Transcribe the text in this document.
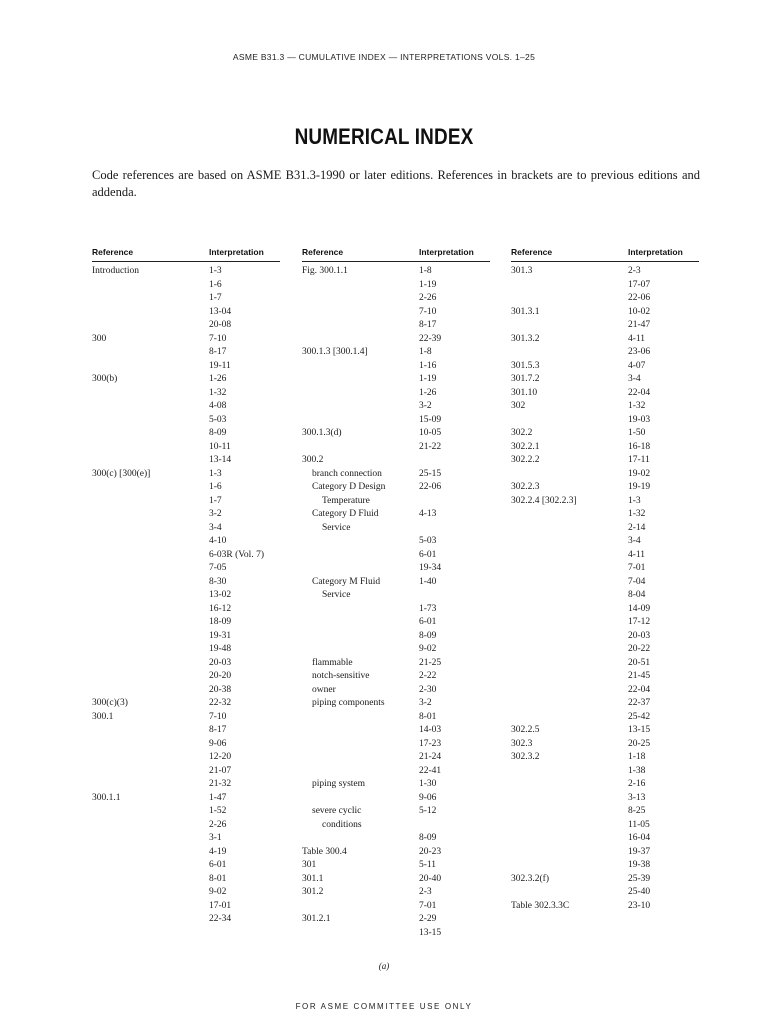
ASME B31.3 — CUMULATIVE INDEX — INTERPRETATIONS VOLS. 1–25
NUMERICAL INDEX
Code references are based on ASME B31.3-1990 or later editions. References in brackets are to previous editions and addenda.
Reference	Interpretation
Introduction	1-3
1-6
1-7
13-04
20-08
300	7-10
8-17
19-11
300(b)	1-26
1-32
4-08
5-03
8-09
10-11
13-14
300(c) [300(e)]	1-3
1-6
1-7
3-2
3-4
4-10
6-03R (Vol. 7)
7-05
8-30
13-02
16-12
18-09
19-31
19-48
20-03
20-20
20-38
300(c)(3)	22-32
300.1	7-10
8-17
9-06
12-20
21-07
21-32
300.1.1	1-47
1-52
2-26
3-1
4-19
6-01
8-01
9-02
17-01
22-34
Reference	Interpretation
Fig. 300.1.1	1-8
1-19
2-26
7-10
8-17
22-39
300.1.3 [300.1.4]	1-8
1-16
1-19
1-26
3-2
15-09
300.1.3(d)	10-05
21-22
300.2
branch connection	25-15
Category D Design	22-06
Temperature
Category D Fluid	4-13
Service
5-03
6-01
19-34
Category M Fluid	1-40
Service
1-73
6-01
8-09
9-02
flammable	21-25
notch-sensitive	2-22
owner	2-30
piping components	3-2
8-01
14-03
17-23
21-24
22-41
piping system	1-30
9-06
severe cyclic	5-12
conditions
8-09
Table 300.4	20-23
301	5-11
301.1	20-40
301.2	2-3
7-01
301.2.1	2-29
13-15
Reference	Interpretation
301.3	2-3
17-07
22-06
301.3.1	10-02
21-47
301.3.2	4-11
23-06
301.5.3	4-07
301.7.2	3-4
301.10	22-04
302	1-32
19-03
302.2	1-50
302.2.1	16-18
302.2.2	17-11
19-02
302.2.3	19-19
302.2.4 [302.2.3]	1-3
1-32
2-14
3-4
4-11
7-01
7-04
8-04
14-09
17-12
20-03
20-22
20-51
21-45
22-04
22-37
25-42
302.2.5	13-15
302.3	20-25
302.3.2	1-18
1-38
2-16
3-13
8-25
11-05
16-04
19-37
19-38
302.3.2(f)	25-39
25-40
Table 302.3.3C	23-10
(a)
FOR ASME COMMITTEE USE ONLY
